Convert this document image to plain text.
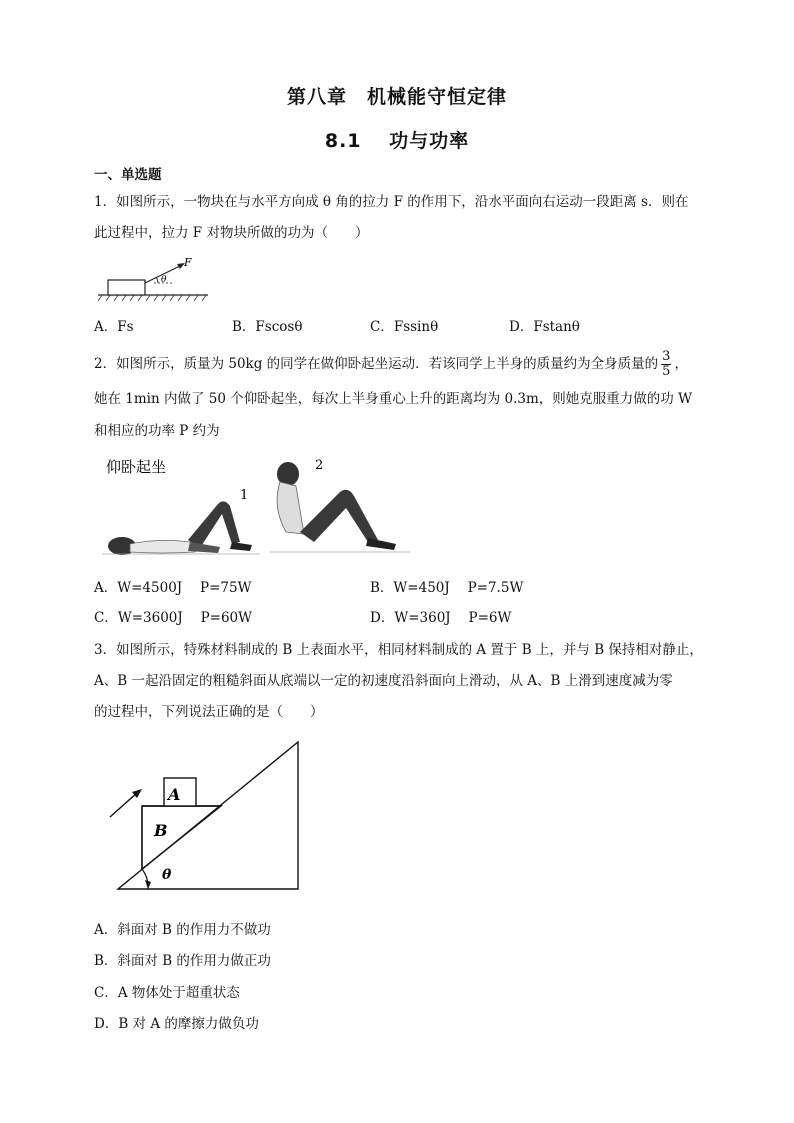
第八章　机械能守恒定律
8.1　 功与功率
一、单选题
1．如图所示，一物块在与水平方向成 θ 角的拉力 F 的作用下，沿水平面向右运动一段距离 s．则在
此过程中，拉力 F 对物块所做的功为（　　）
F
θ
A．Fs	B．Fscosθ	C．Fssinθ	D．Fstanθ
2．如图所示，质量为 50kg 的同学在做仰卧起坐运动．若该同学上半身的质量约为全身质量的 $\frac{3}{5}$ ，
她在 1min 内做了 50 个仰卧起坐，每次上半身重心上升的距离均为 0.3m，则她克服重力做的功 W
和相应的功率 P 约为
仰卧起坐
1
2
A．W=4500J　 P=75W	B．W=450J　 P=7.5W
C．W=3600J　 P=60W	D．W=360J　 P=6W
3．如图所示，特殊材料制成的 B 上表面水平，相同材料制成的 A 置于 B 上，并与 B 保持相对静止，
A、B 一起沿固定的粗糙斜面从底端以一定的初速度沿斜面向上滑动，从 A、B 上滑到速度减为零
的过程中，下列说法正确的是（　　）
A
B
θ
A．斜面对 B 的作用力不做功
B．斜面对 B 的作用力做正功
C．A 物体处于超重状态
D．B 对 A 的摩擦力做负功
